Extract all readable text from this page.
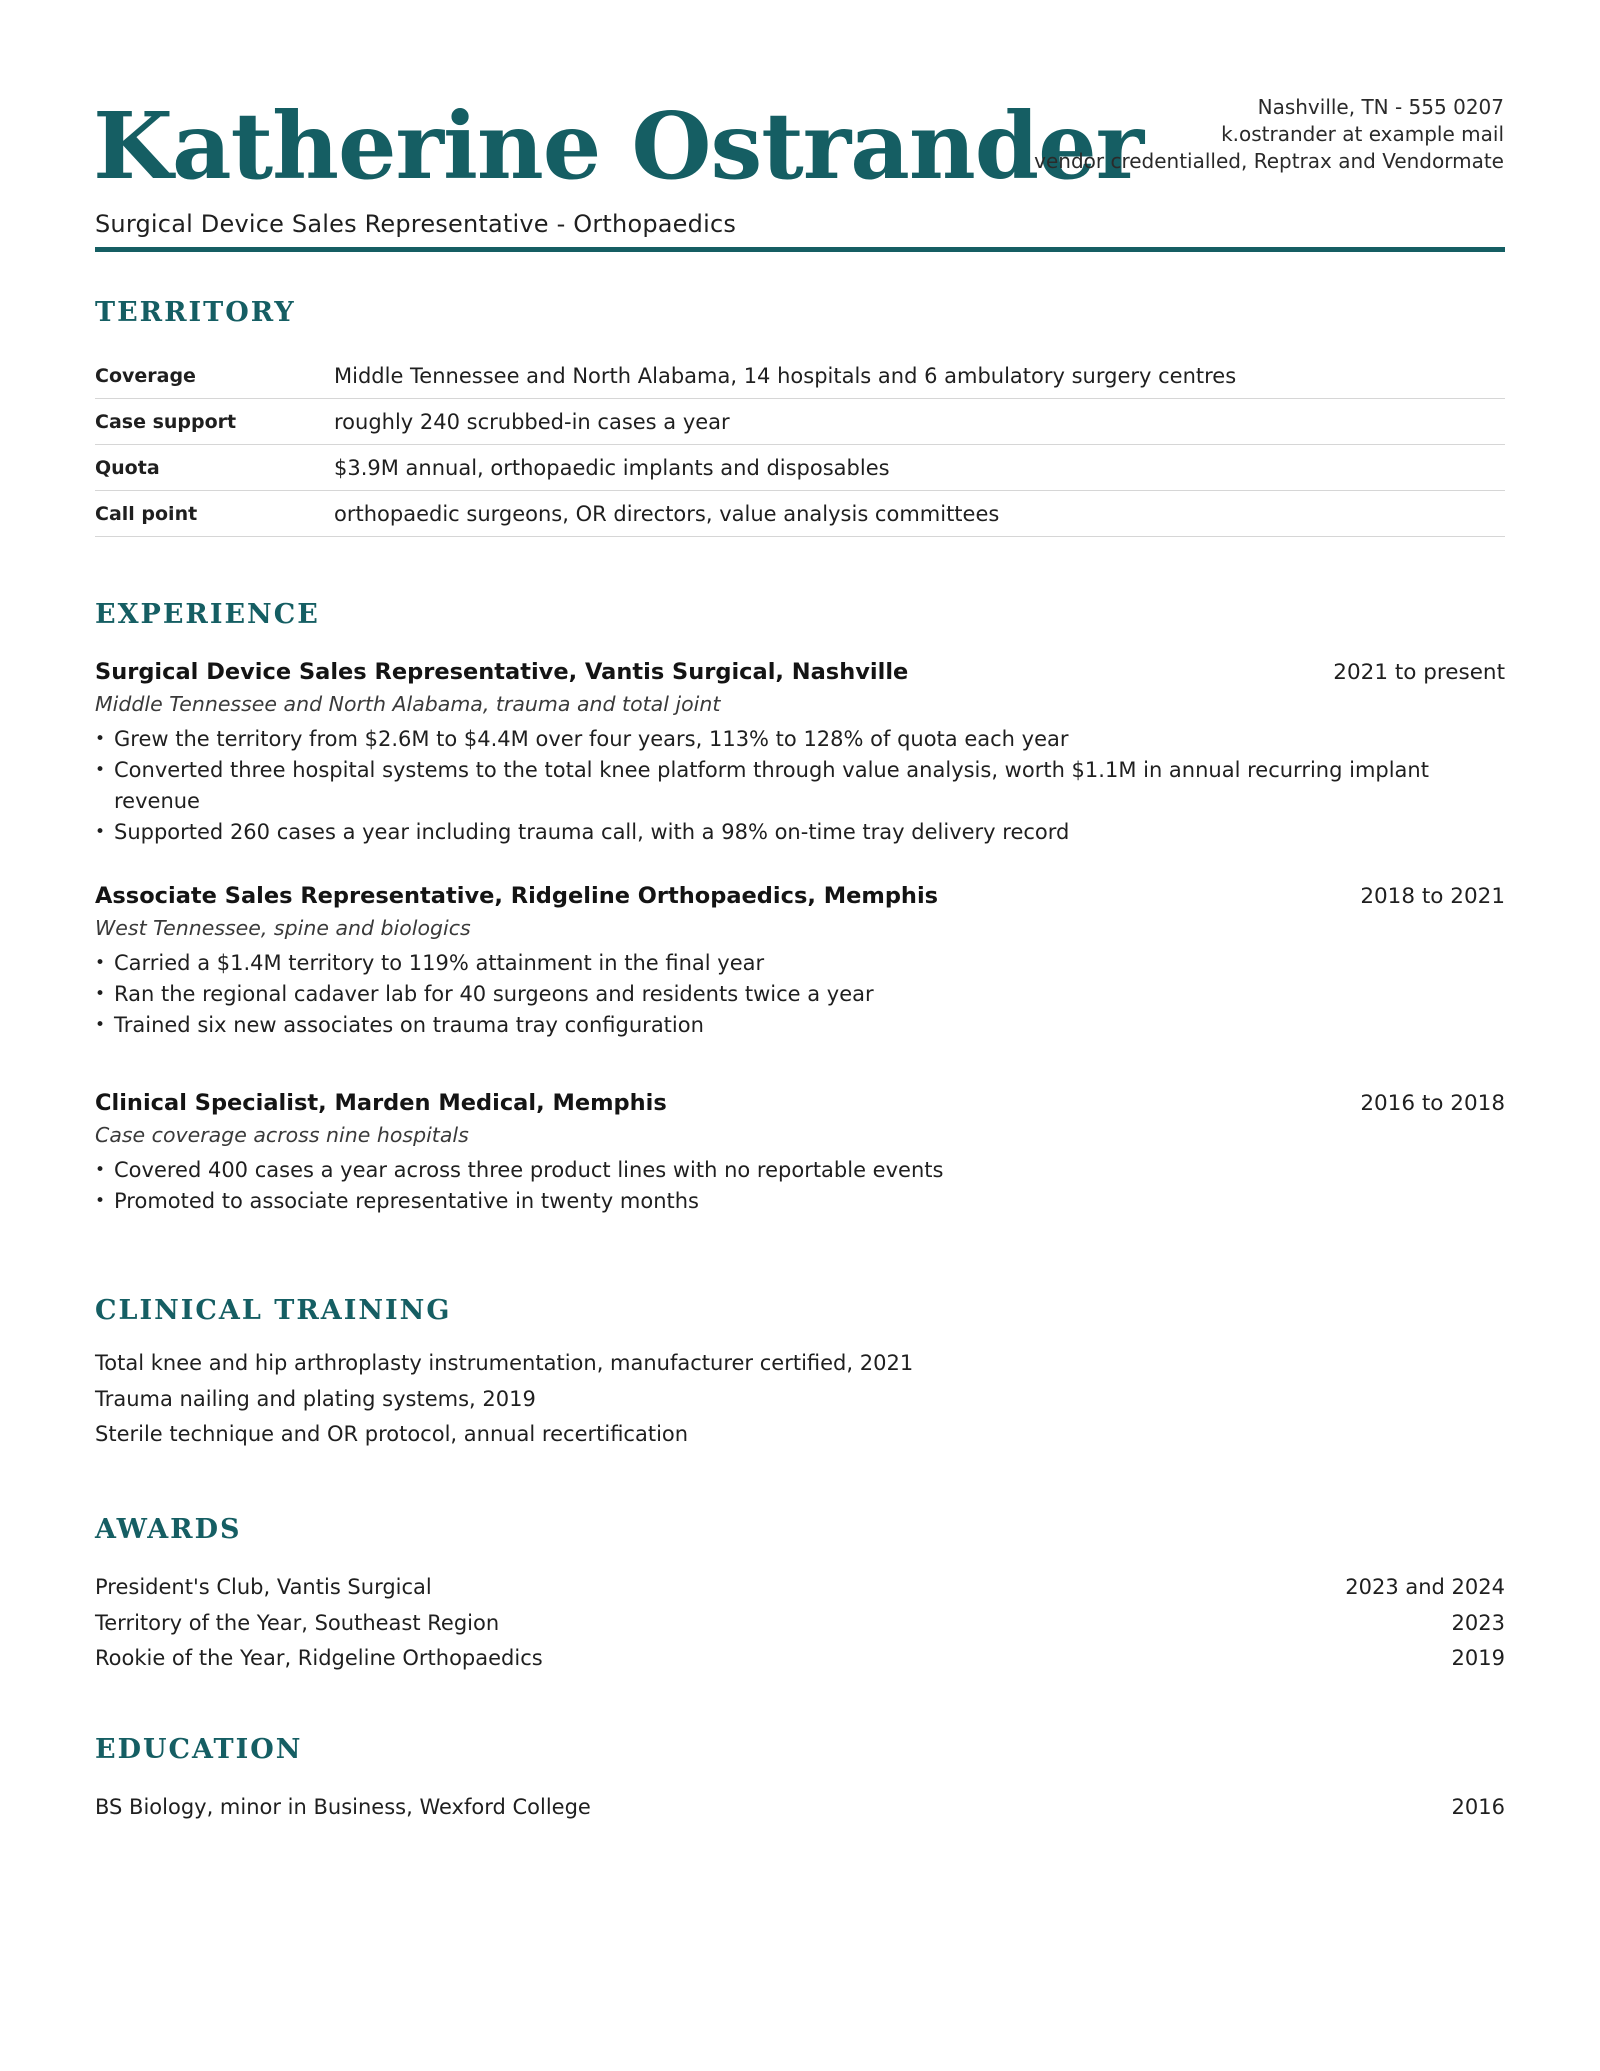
Katherine Ostrander	Nashville, TN - 555 0207
k.ostrander at example mail
vendor credentialled, Reptrax and Vendormate
Surgical Device Sales Representative - Orthopaedics
TERRITORY
Coverage	Middle Tennessee and North Alabama, 14 hospitals and 6 ambulatory surgery centres
Case support	roughly 240 scrubbed-in cases a year
Quota	$3.9M annual, orthopaedic implants and disposables
Call point	orthopaedic surgeons, OR directors, value analysis committees
EXPERIENCE
Surgical Device Sales Representative, Vantis Surgical, Nashville	2021 to present
Middle Tennessee and North Alabama, trauma and total joint
• Grew the territory from $2.6M to $4.4M over four years, 113% to 128% of quota each year
• Converted three hospital systems to the total knee platform through value analysis, worth $1.1M in annual recurring implant revenue
• Supported 260 cases a year including trauma call, with a 98% on-time tray delivery record
Associate Sales Representative, Ridgeline Orthopaedics, Memphis	2018 to 2021
West Tennessee, spine and biologics
• Carried a $1.4M territory to 119% attainment in the final year
• Ran the regional cadaver lab for 40 surgeons and residents twice a year
• Trained six new associates on trauma tray configuration
Clinical Specialist, Marden Medical, Memphis	2016 to 2018
Case coverage across nine hospitals
• Covered 400 cases a year across three product lines with no reportable events
• Promoted to associate representative in twenty months
CLINICAL TRAINING
Total knee and hip arthroplasty instrumentation, manufacturer certified, 2021
Trauma nailing and plating systems, 2019
Sterile technique and OR protocol, annual recertification
AWARDS
President's Club, Vantis Surgical	2023 and 2024
Territory of the Year, Southeast Region	2023
Rookie of the Year, Ridgeline Orthopaedics	2019
EDUCATION
BS Biology, minor in Business, Wexford College	2016
